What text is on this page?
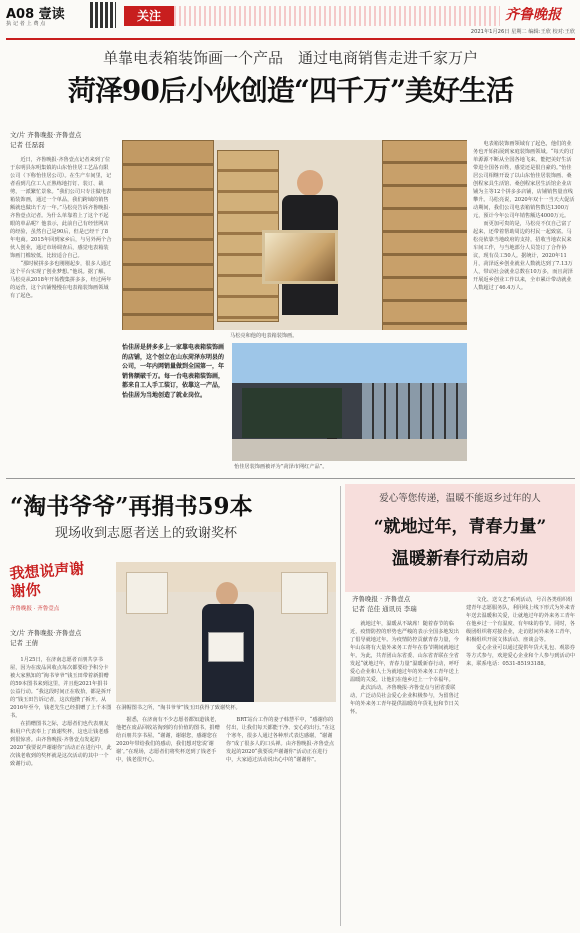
A08 壹读
执 记 者 上 费 点
关注	齐鲁晚报
2021年1月26日 星期二 编辑:王欣 校对:王欣
单靠电表箱装饰画一个产品　通过电商销售走进千家万户
菏泽90后小伙创造“四千万”美好生活
文/片 齐鲁晚报·齐鲁壹点
记者 任磊磊

近日，齐鲁晚报·齐鲁壹点记者来到了位于东明县东明集镇的山东怡佳居工艺品有限公司（下称怡佳居公司）。在生产车间里，记者看到几位工人正熟练地打钉、装订、裁剪，一派繁忙景象。“我们公司只专注做电表箱装饰画，通过一个单品，我们跨域的销售额就也做出千万一年。”马松亮告诉齐鲁晚报·齐鲁壹点记者。为什么单靠着上了这个不起眼的单品呢？他表示，此前自己有经营网店的经验，虽然自己是90后，但是已经干了8年电商。2015年回到家乡后，与另外两个合伙人创业，通过市场调查后，感觉电表箱装饰画门槛较低，比较适合自己。

“那时候拼多多也刚刚起步，很多人通过这个平台实现了创业梦想。”他说。据了解，马松亮从2018年开始搜集拼多多，经过两年的运营，这个店铺慢慢在电表箱装饰画领域有了起色。

马松亮和他的电表箱装饰画。
怡佳居是拼多多上一家靠电表箱装饰画的店铺，这个创立在山东菏泽东明县的公司，一年内网销量做到全国第一，年销售额破千万。每一台电表箱装饰画，都来自工人手工装订，依靠这一产品，怡佳居为当地创造了就业岗位。
怡佳居装饰画被评为“菏泽市网红产品”。

电表箱装饰画领域有了起色，他们的业务也开始拓展到家庭装饰画领域。“每天的订单源源不断从全国各地飞来，能把美好生活带进全国各百姓，感觉还是很自豪的。”怡佳居公司相继开设了以山东怡佳居装饰画、桑创程家具生活馆、桑创程家居生活馆企业店铺为主等12个拼多多店铺，店铺销售量直线攀升。马松亮说，2020年双十一当天大促活动期间，我们公司电表箱销售数达1300万元，预计今年公司年销售额达4000万元。

而更加可贵的是，马松亮不仅自己富了起来，还带着帮助周边的村民一起致富。马松亮依靠当地政府的支持，招收当地农民来车间工作，与当地部分人员签订了合作协议，现有员工50人。据统计，2020年11月，菏泽返乡创业就业人数就达到了7.13万人，带动社会就业总数在10万多，而且菏泽开展返乡创业工作以来，全市累计带动就业人数超过了46.4万人。

“淘书爷爷”再捐书59本
现场收到志愿者送上的致谢奖杯
我想说声谢谢你
齐鲁晚报 · 齐鲁壹点
文/片 齐鲁晚报·齐鲁壹点
记者 王倩

1月25日，在济南志愿者百朋共享书屋，因为在废品回收点每次都要给予积分卡被大家熟知的“淘书爷爷”钱玉田带着新捐赠的59本图书来到这里，并且他2021年捐书公益行动。“我这段时间正在收拾，都是拆开的”钱玉田告诉记者，这次他攒了拆开。从2016年至今，钱老先生已经捐赠了上千本图书。

在捐赠图书之际，志愿者们也代表朋友和用户代表奉上了致谢奖杯，这也让钱老感到很惊喜。由齐鲁晚报·齐鲁壹点发起的2020“我要说声谢谢你”活动正在进行中，此次钱老收到的奖杯就是这次活动的其中一个致谢行动。

在洞帽图书之所，“淘书爷爷”钱玉田获得了致谢奖杯。

据悉，在济南有不少志愿者都知道钱老，他把在废品回收站淘到的有价值的图书，捐赠给百朋共享书屋。“谢谢，谢谢您，感谢您在2020年带给我们的感动，我们想对您说‘谢谢’。”在现场，志愿者们将奖杯送到了钱老手中，钱老很开心。

BRT站台工作的妻子韩慧平中，“感谢你的付出，让我们每天都能干净、安心的出行。”在这个寒冬，很多人通过各种形式表达感谢，“谢谢你”成了很多人的口头禅。由齐鲁晚报·齐鲁壹点发起的2020“我要说声谢谢你”活动正在进行中，大家通过活动说出心中的“谢谢你”。

爱心等您传递，温暖不能返乡过年的人
“就地过年，青春力量”
温暖新春行动启动
齐鲁晚报 · 齐鲁壹点
记者 范佳 通讯员 李瑞

就地过年，温暖从不缺席！随着春节的临近，疫情防控的形势也严峻的表示全国多地发出了倡导就地过年。为疫情防控贡献青春力量，今年山东将有大量外来务工青年在春节期间就地过年。为此，共青团山东省委、山东省青联在全省发起“就地过年，青春力量”温暖新春行动，呼吁爱心企业和人士为就地过年的外来务工青年送上温暖的关爱，让他们在他乡过上一个幸福年。

此次活动，齐鲁晚报·齐鲁壹点与团省委联动，广泛动员社会爱心企业积极参与，为留鲁过年的外来务工青年提供温暖的年货礼包和节日关怀。

文化、送文艺”系列活动，号召各类组织组建青年志愿服务队，利用线上线下形式为外来青年送去温暖和关爱，让就地过年的外来务工青年在他乡过一个有温度、有年味的春节。同时，各级团组织将对接企业，走访慰问外来务工青年，积极组织开展文体活动、座谈会等。

爱心企业可以通过提供年货大礼包、观影券等方式参与，欢迎爱心企业和个人参与到活动中来，联系电话：0531-85193188。
